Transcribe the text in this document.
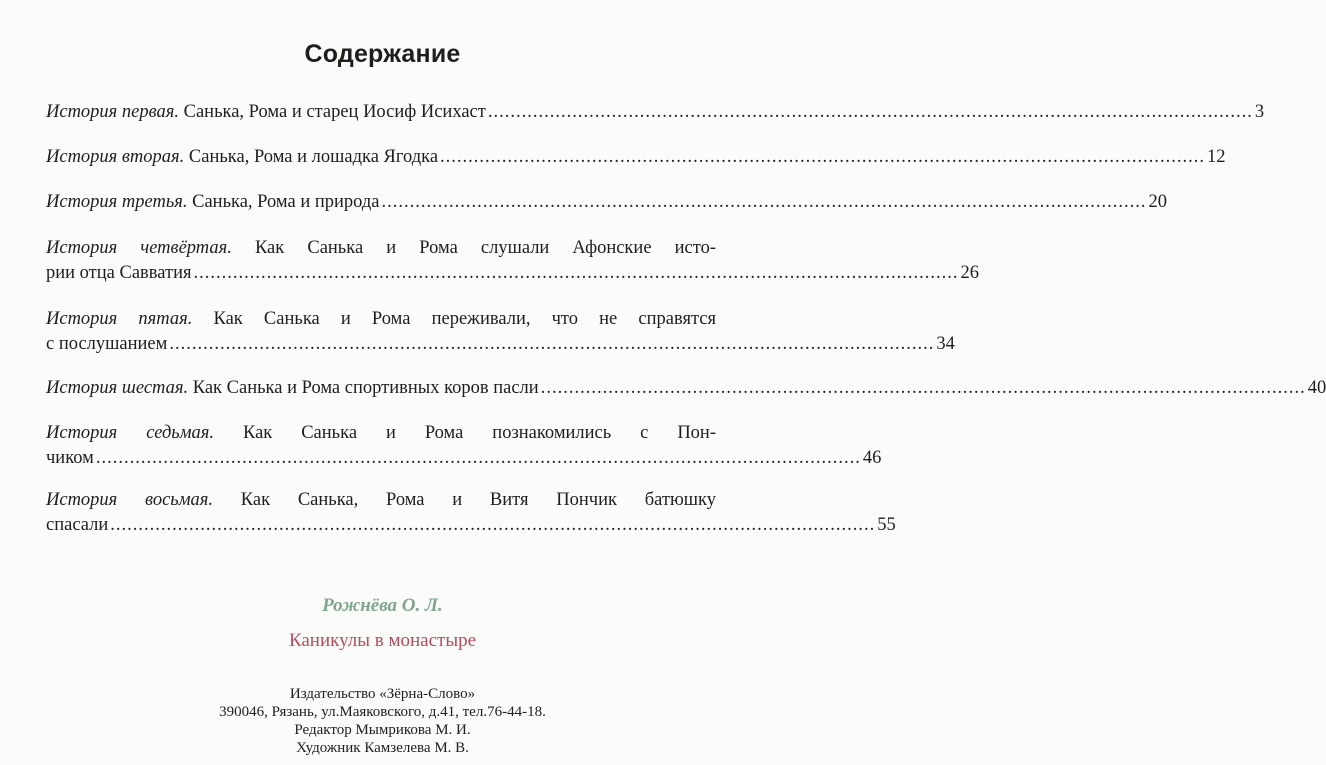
Содержание
История первая. Санька, Рома и старец Иосиф Исихаст ........................................................................................................................................ 3
История вторая. Санька, Рома и лошадка Ягодка ........................................................................................................................................ 12
История третья. Санька, Рома и природа ........................................................................................................................................ 20
История четвёртая. Как Санька и Рома слушали Афонские исто-
рии отца Савватия ........................................................................................................................................ 26
История пятая. Как Санька и Рома переживали, что не справятся
с послушанием ........................................................................................................................................ 34
История шестая. Как Санька и Рома спортивных коров пасли ........................................................................................................................................ 40
История седьмая. Как Санька и Рома познакомились с Пон-
чиком ........................................................................................................................................ 46
История восьмая. Как Санька, Рома и Витя Пончик батюшку
спасали ........................................................................................................................................ 55
Рожнёва О. Л.
Каникулы в монастыре
Издательство «Зёрна-Слово»
390046, Рязань, ул.Маяковского, д.41, тел.76-44-18.
Редактор Мымрикова М. И.
Художник Камзелева М. В.
